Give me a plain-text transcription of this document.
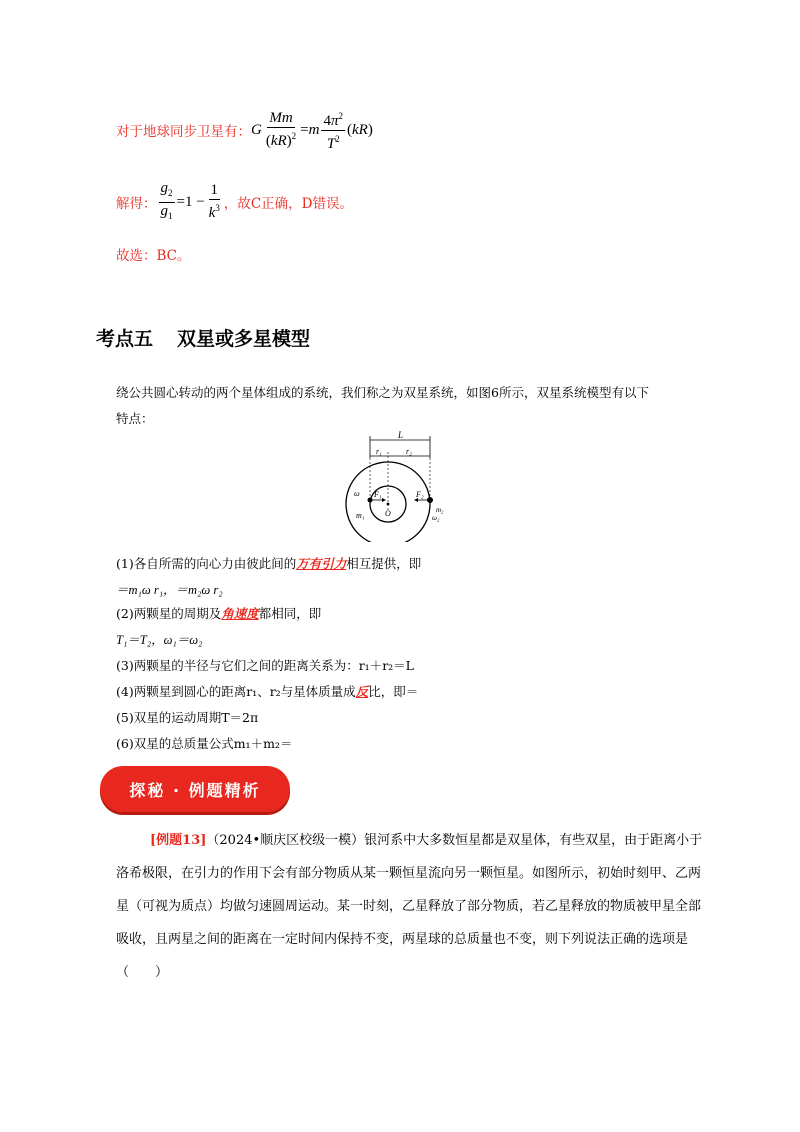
对于地球同步卫星有： G $\frac{Mm}{(kR)^2} = m \frac{4\pi^2}{T^2} (kR)$
解得： $\frac{g_2}{g_1} =1 - \frac{1}{k^3}$ ，故C正确，D错误。
故选：BC。
考点五 双星或多星模型
绕公共圆心转动的两个星体组成的系统，我们称之为双星系统，如图6所示，双星系统模型有以下
特点：
L
r₁	r₂
F₁	F₂
O
m₁
m₂
ω
ω₂
(1)各自所需的向心力由彼此间的万有引力相互提供，即
＝m₁ω r₁，＝m₂ω r₂
(2)两颗星的周期及角速度都相同，即
T₁＝T₂，ω₁＝ω₂
(3)两颗星的半径与它们之间的距离关系为：r₁＋r₂＝L
(4)两颗星到圆心的距离r₁、r₂与星体质量成反比，即＝
(5)双星的运动周期T＝2π
(6)双星的总质量公式m₁＋m₂＝
探秘 · 例题精析
[例题13]（2024•顺庆区校级一模）银河系中大多数恒星都是双星体，有些双星，由于距离小于洛希极限，在引力的作用下会有部分物质从某一颗恒星流向另一颗恒星。如图所示，初始时刻甲、乙两星（可视为质点）均做匀速圆周运动。某一时刻，乙星释放了部分物质，若乙星释放的物质被甲星全部吸收，且两星之间的距离在一定时间内保持不变，两星球的总质量也不变，则下列说法正确的选项是（　　）
